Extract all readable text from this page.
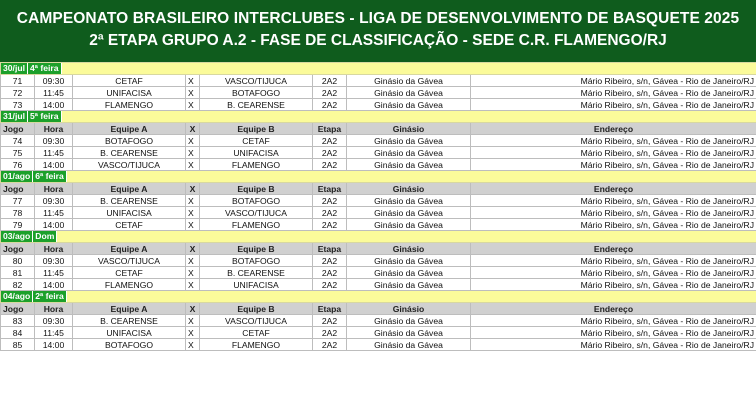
CAMPEONATO BRASILEIRO INTERCLUBES - LIGA DE DESENVOLVIMENTO DE BASQUETE 2025
2ª ETAPA GRUPO A.2 - FASE DE CLASSIFICAÇÃO - SEDE C.R. FLAMENGO/RJ
30/jul 4ª feira							
71	09:30	CETAF	X	VASCO/TIJUCA	2A2	Ginásio da Gávea	Mário Ribeiro, s/n, Gávea - Rio de Janeiro/RJ
72	11:45	UNIFACISA	X	BOTAFOGO	2A2	Ginásio da Gávea	Mário Ribeiro, s/n, Gávea - Rio de Janeiro/RJ
73	14:00	FLAMENGO	X	B. CEARENSE	2A2	Ginásio da Gávea	Mário Ribeiro, s/n, Gávea - Rio de Janeiro/RJ
31/jul 5ª feira							
Jogo	Hora	Equipe A	X	Equipe B	Etapa	Ginásio	Endereço
74	09:30	BOTAFOGO	X	CETAF	2A2	Ginásio da Gávea	Mário Ribeiro, s/n, Gávea - Rio de Janeiro/RJ
75	11:45	B. CEARENSE	X	UNIFACISA	2A2	Ginásio da Gávea	Mário Ribeiro, s/n, Gávea - Rio de Janeiro/RJ
76	14:00	VASCO/TIJUCA	X	FLAMENGO	2A2	Ginásio da Gávea	Mário Ribeiro, s/n, Gávea - Rio de Janeiro/RJ
01/ago 6ª feira							
Jogo	Hora	Equipe A	X	Equipe B	Etapa	Ginásio	Endereço
77	09:30	B. CEARENSE	X	BOTAFOGO	2A2	Ginásio da Gávea	Mário Ribeiro, s/n, Gávea - Rio de Janeiro/RJ
78	11:45	UNIFACISA	X	VASCO/TIJUCA	2A2	Ginásio da Gávea	Mário Ribeiro, s/n, Gávea - Rio de Janeiro/RJ
79	14:00	CETAF	X	FLAMENGO	2A2	Ginásio da Gávea	Mário Ribeiro, s/n, Gávea - Rio de Janeiro/RJ
03/ago Dom							
Jogo	Hora	Equipe A	X	Equipe B	Etapa	Ginásio	Endereço
80	09:30	VASCO/TIJUCA	X	BOTAFOGO	2A2	Ginásio da Gávea	Mário Ribeiro, s/n, Gávea - Rio de Janeiro/RJ
81	11:45	CETAF	X	B. CEARENSE	2A2	Ginásio da Gávea	Mário Ribeiro, s/n, Gávea - Rio de Janeiro/RJ
82	14:00	FLAMENGO	X	UNIFACISA	2A2	Ginásio da Gávea	Mário Ribeiro, s/n, Gávea - Rio de Janeiro/RJ
04/ago 2ª feira							
Jogo	Hora	Equipe A	X	Equipe B	Etapa	Ginásio	Endereço
83	09:30	B. CEARENSE	X	VASCO/TIJUCA	2A2	Ginásio da Gávea	Mário Ribeiro, s/n, Gávea - Rio de Janeiro/RJ
84	11:45	UNIFACISA	X	CETAF	2A2	Ginásio da Gávea	Mário Ribeiro, s/n, Gávea - Rio de Janeiro/RJ
85	14:00	BOTAFOGO	X	FLAMENGO	2A2	Ginásio da Gávea	Mário Ribeiro, s/n, Gávea - Rio de Janeiro/RJ
